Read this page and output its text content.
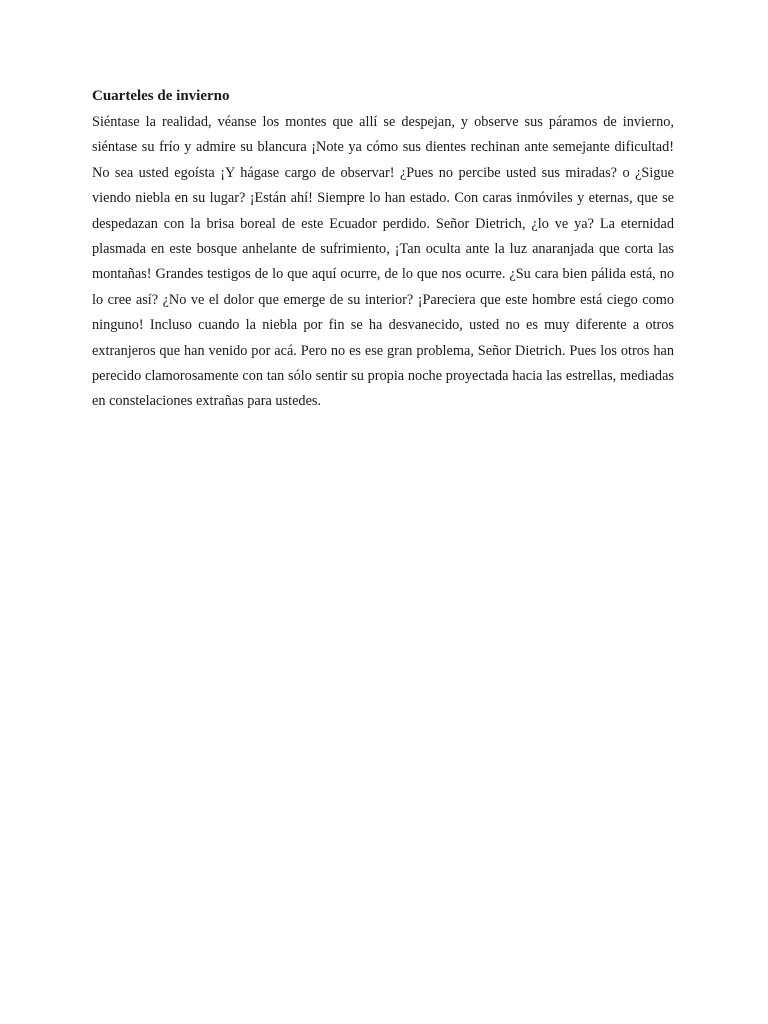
Cuarteles de invierno

Siéntase la realidad, véanse los montes que allí se despejan, y observe sus páramos de invierno, siéntase su frío y admire su blancura ¡Note ya cómo sus dientes rechinan ante semejante dificultad! No sea usted egoísta ¡Y hágase cargo de observar! ¿Pues no percibe usted sus miradas? o ¿Sigue viendo niebla en su lugar? ¡Están ahí! Siempre lo han estado. Con caras inmóviles y eternas, que se despedazan con la brisa boreal de este Ecuador perdido. Señor Dietrich, ¿lo ve ya? La eternidad plasmada en este bosque anhelante de sufrimiento, ¡Tan oculta ante la luz anaranjada que corta las montañas! Grandes testigos de lo que aquí ocurre, de lo que nos ocurre. ¿Su cara bien pálida está, no lo cree así? ¿No ve el dolor que emerge de su interior? ¡Pareciera que este hombre está ciego como ninguno! Incluso cuando la niebla por fin se ha desvanecido, usted no es muy diferente a otros extranjeros que han venido por acá. Pero no es ese gran problema, Señor Dietrich. Pues los otros han perecido clamorosamente con tan sólo sentir su propia noche proyectada hacia las estrellas, mediadas en constelaciones extrañas para ustedes.
